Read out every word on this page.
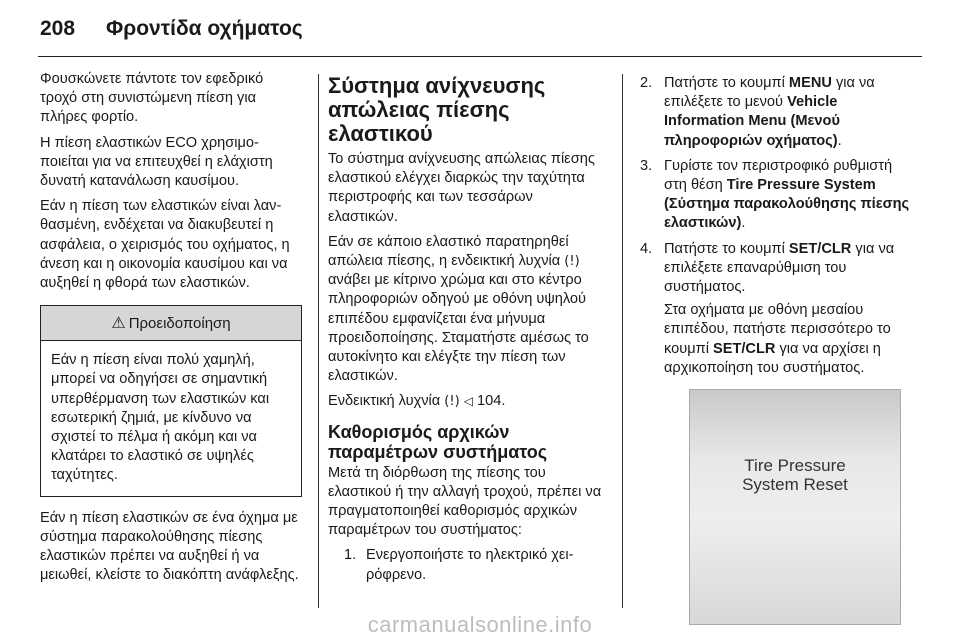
208	Φροντίδα οχήματος

Φουσκώνετε πάντοτε τον εφεδρικό τροχό στη συνιστώμενη πίεση για πλήρες φορτίο.

Η πίεση ελαστικών ECO χρησιμοποιείται για να επιτευχθεί η ελάχιστη δυνατή κατανάλωση καυσίμου.

Εάν η πίεση των ελαστικών είναι λανθασμένη, ενδέχεται να διακυβευτεί η ασφάλεια, ο χειρισμός του οχήματος, η άνεση και η οικονομία καυσίμου και να αυξηθεί η φθορά των ελαστικών.

⚠ Προειδοποίηση
Εάν η πίεση είναι πολύ χαμηλή, μπορεί να οδηγήσει σε σημαντική υπερθέρμανση των ελαστικών και εσωτερική ζημιά, με κίνδυνο να σχιστεί το πέλμα ή ακόμη και να κλατάρει το ελαστικό σε υψηλές ταχύτητες.

Εάν η πίεση ελαστικών σε ένα όχημα με σύστημα παρακολούθησης πίεσης ελαστικών πρέπει να αυξηθεί ή να μειωθεί, κλείστε το διακόπτη ανάφλεξης.

Σύστημα ανίχνευσης απώλειας πίεσης ελαστικού

Το σύστημα ανίχνευσης απώλειας πίεσης ελαστικού ελέγχει διαρκώς την ταχύτητα περιστροφής και των τεσσάρων ελαστικών.

Εάν σε κάποιο ελαστικό παρατηρηθεί απώλεια πίεσης, η ενδεικτική λυχνία (!) ανάβει με κίτρινο χρώμα και στο κέντρο πληροφοριών οδηγού με οθόνη υψηλού επιπέδου εμφανίζεται ένα μήνυμα προειδοποίησης. Σταματήστε αμέσως το αυτοκίνητο και ελέγξτε την πίεση των ελαστικών.

Ενδεικτική λυχνία (!) ◁ 104.

Καθορισμός αρχικών παραμέτρων συστήματος

Μετά τη διόρθωση της πίεσης του ελαστικού ή την αλλαγή τροχού, πρέπει να πραγματοποιηθεί καθορισμός αρχικών παραμέτρων του συστήματος:

1. Ενεργοποιήστε το ηλεκτρικό χειρόφρενο.
2. Πατήστε το κουμπί MENU για να επιλέξετε το μενού Vehicle Information Menu (Μενού πληροφοριών οχήματος).
3. Γυρίστε τον περιστροφικό ρυθμιστή στη θέση Tire Pressure System (Σύστημα παρακολούθησης πίεσης ελαστικών).
4. Πατήστε το κουμπί SET/CLR για να επιλέξετε επαναρύθμιση του συστήματος.
Στα οχήματα με οθόνη μεσαίου επιπέδου, πατήστε περισσότερο το κουμπί SET/CLR για να αρχίσει η αρχικοποίηση του συστήματος.
Tire Pressure
System Reset
carmanualsonline.info
